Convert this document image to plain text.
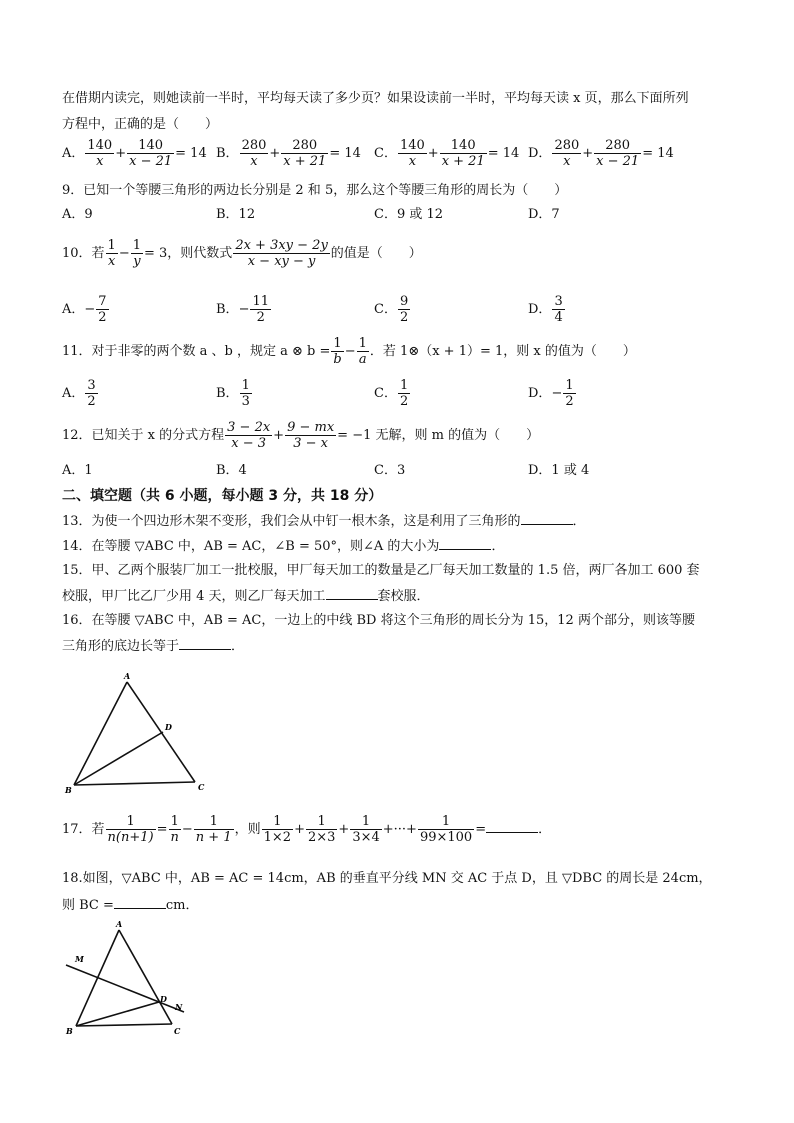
在借期内读完，则她读前一半时，平均每天读了多少页？如果设读前一半时，平均每天读 x 页，那么下面所列
方程中，正确的是（　　）
A． $\frac{140}{x} + \frac{140}{x - 21} = 14$ B． $\frac{280}{x} + \frac{280}{x + 21} = 14$ C． $\frac{140}{x} + \frac{140}{x + 21} = 14$ D． $\frac{280}{x} + \frac{280}{x - 21} = 14$
9．已知一个等腰三角形的两边长分别是 2 和 5，那么这个等腰三角形的周长为（　　）
A．9	B．12	C．9 或 12	D．7
10．若 $\frac{1}{x} - \frac{1}{y} = 3$，则代数式 $\frac{2x + 3xy - 2y}{x - xy - y}$ 的值是（　　）
A．− $\frac{7}{2}$	B．− $\frac{11}{2}$	C． $\frac{9}{2}$	D． $\frac{3}{4}$
11．对于非零的两个数 a 、b ，规定 a ⊗ $b = \frac{1}{b} - \frac{1}{a}$ ．若 1⊗（x + 1）= 1，则 x 的值为（　　）
A． $\frac{3}{2}$	B． $\frac{1}{3}$	C． $\frac{1}{2}$	D．− $\frac{1}{2}$
12．已知关于 x 的分式方程 $\frac{3 - 2x}{x - 3} + \frac{9 - mx}{3 - x} = -1$ 无解，则 m 的值为（　　）
A．1	B．4	C．3	D．1 或 4
二、填空题（共 6 小题，每小题 3 分，共 18 分）
13．为使一个四边形木架不变形，我们会从中钉一根木条，这是利用了三角形的	．
14．在等腰 ▽ABC 中，AB = AC，∠B = 50°，则∠A 的大小为	．
15．甲、乙两个服装厂加工一批校服，甲厂每天加工的数量是乙厂每天加工数量的 1.5 倍，两厂各加工 600 套
校服，甲厂比乙厂少用 4 天，则乙厂每天加工	套校服．
16．在等腰 ▽ABC 中，AB = AC，一边上的中线 BD 将这个三角形的周长分为 15，12 两个部分，则该等腰
三角形的底边长等于	．
A
B	C
D
17．若 $\frac{1}{n(n+1)} = \frac{1}{n} - \frac{1}{n + 1}$ ，则 $\frac{1}{1\times 2} + \frac{1}{2\times 3} + \frac{1}{3\times 4}$ +···+ $\frac{1}{99\times 100}$ =	．
18.如图，▽ABC 中，AB = AC = 14cm，AB 的垂直平分线 MN 交 AC 于点 D，且 ▽DBC 的周长是 24cm，
则 BC =	cm．
A
B	C
D
M
N
